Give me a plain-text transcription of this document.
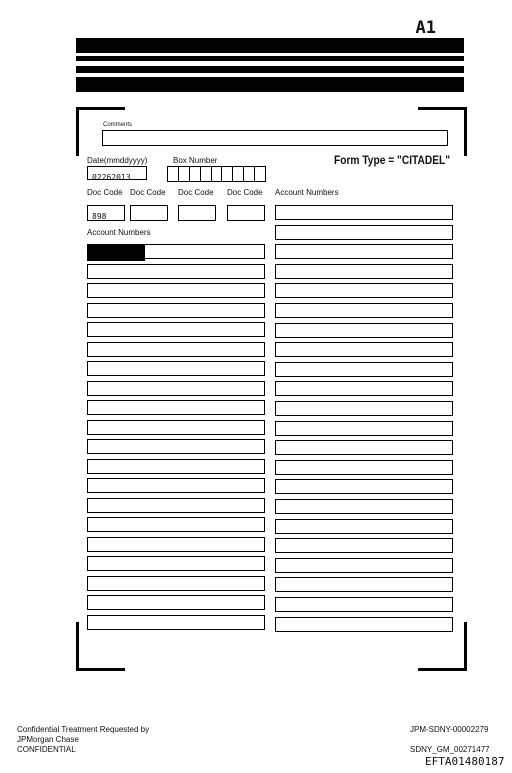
A1
Comments
Date(mmddyyyy)
02262013
Box Number	Form Type = "CITADEL"
Doc Code Doc Code Doc Code Doc Code Account Numbers
898
Account Numbers
Confidential Treatment Requested by
JPMorgan Chase
CONFIDENTIAL
JPM-SDNY-00002279
SDNY_GM_00271477
EFTA01480187
